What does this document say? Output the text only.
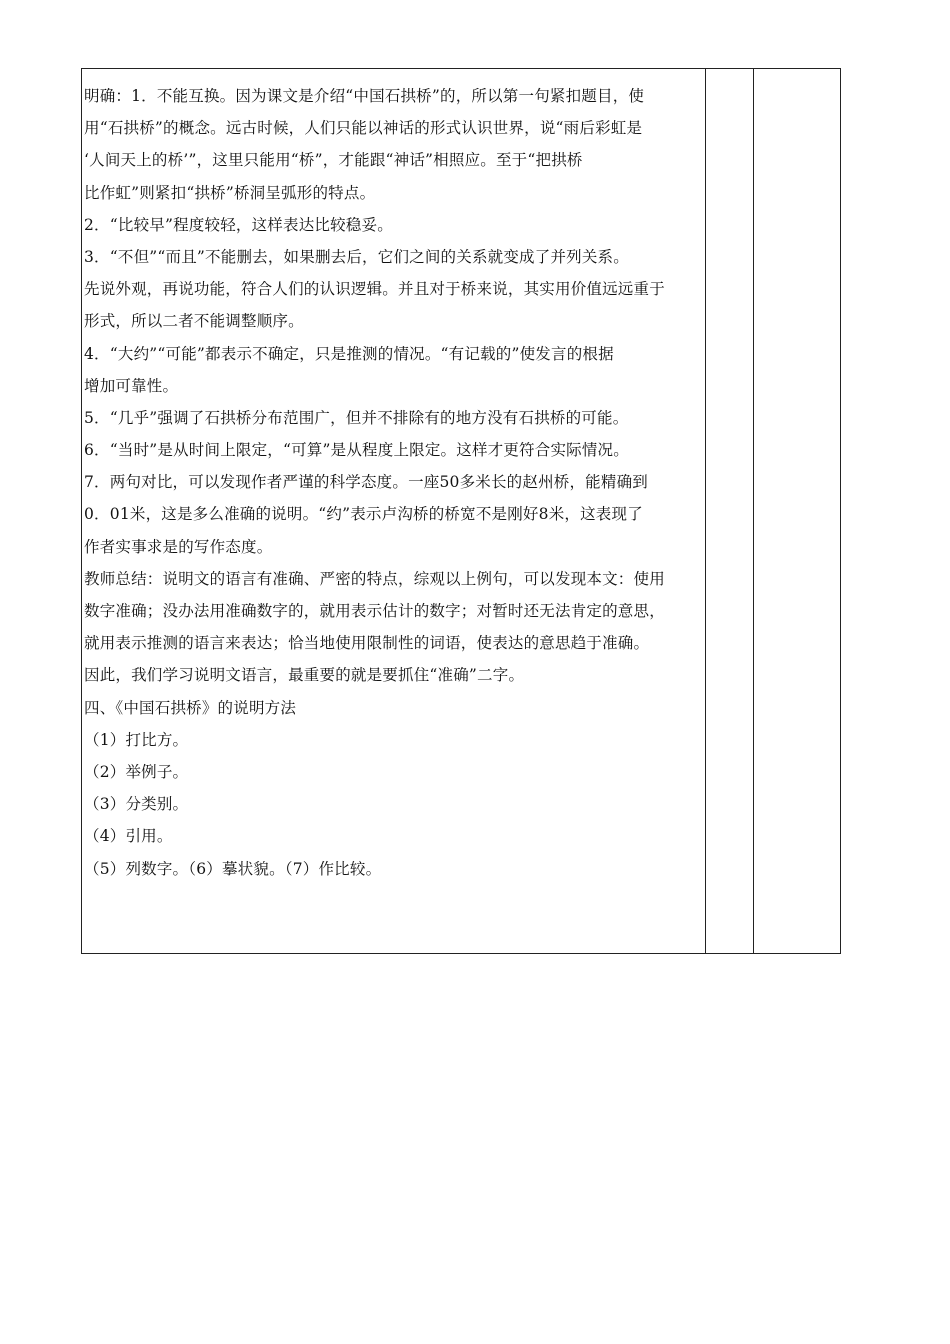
明确：1．不能互换。因为课文是介绍“中国石拱桥”的，所以第一句紧扣题目，使
用“石拱桥”的概念。远古时候，人们只能以神话的形式认识世界，说“雨后彩虹是
‘人间天上的桥’”，这里只能用“桥”，才能跟“神话”相照应。至于“把拱桥
比作虹”则紧扣“拱桥”桥洞呈弧形的特点。
2．“比较早”程度较轻，这样表达比较稳妥。
3．“不但”“而且”不能删去，如果删去后，它们之间的关系就变成了并列关系。
先说外观，再说功能，符合人们的认识逻辑。并且对于桥来说，其实用价值远远重于
形式，所以二者不能调整顺序。
4．“大约”“可能”都表示不确定，只是推测的情况。“有记载的”使发言的根据
增加可靠性。
5．“几乎”强调了石拱桥分布范围广，但并不排除有的地方没有石拱桥的可能。
6．“当时”是从时间上限定，“可算”是从程度上限定。这样才更符合实际情况。
7．两句对比，可以发现作者严谨的科学态度。一座50多米长的赵州桥，能精确到
0．01米，这是多么准确的说明。“约”表示卢沟桥的桥宽不是刚好8米，这表现了
作者实事求是的写作态度。
教师总结：说明文的语言有准确、严密的特点，综观以上例句，可以发现本文：使用
数字准确；没办法用准确数字的，就用表示估计的数字；对暂时还无法肯定的意思，
就用表示推测的语言来表达；恰当地使用限制性的词语，使表达的意思趋于准确。
因此，我们学习说明文语言，最重要的就是要抓住“准确”二字。
四、《中国石拱桥》的说明方法
（1）打比方。
（2）举例子。
（3）分类别。
（4）引用。
（5）列数字。（6）摹状貌。（7）作比较。
